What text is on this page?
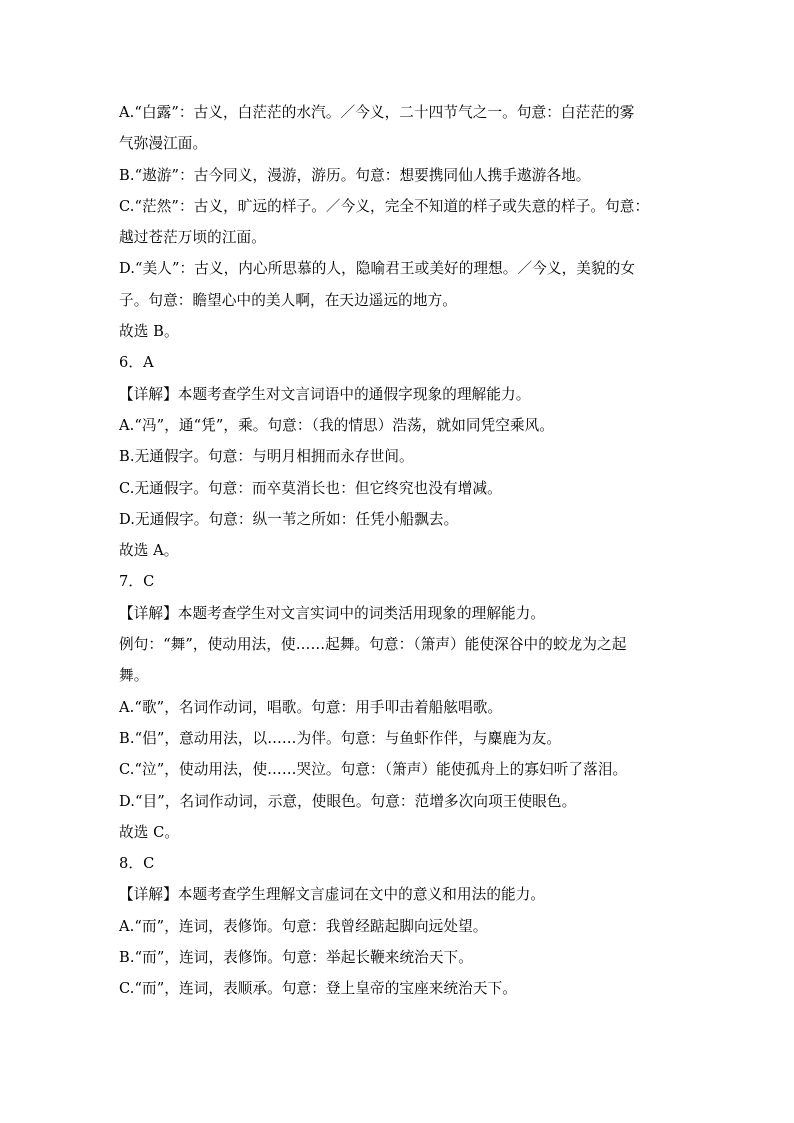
A.“白露”：古义，白茫茫的水汽。／今义，二十四节气之一。句意：白茫茫的雾
气弥漫江面。
B.“遨游”：古今同义，漫游，游历。句意：想要携同仙人携手遨游各地。
C.“茫然”：古义，旷远的样子。／今义，完全不知道的样子或失意的样子。句意：
越过苍茫万顷的江面。
D.“美人”：古义，内心所思慕的人，隐喻君王或美好的理想。／今义，美貌的女
子。句意：瞻望心中的美人啊，在天边遥远的地方。
故选 B。
6．A
【详解】本题考查学生对文言词语中的通假字现象的理解能力。
A.“冯”，通“凭”，乘。句意：（我的情思）浩荡，就如同凭空乘风。
B.无通假字。句意：与明月相拥而永存世间。
C.无通假字。句意：而卒莫消长也：但它终究也没有增减。
D.无通假字。句意：纵一苇之所如：任凭小船飘去。
故选 A。
7．C
【详解】本题考查学生对文言实词中的词类活用现象的理解能力。
例句：“舞”，使动用法，使……起舞。句意：（箫声）能使深谷中的蛟龙为之起
舞。
A.“歌”，名词作动词，唱歌。句意：用手叩击着船舷唱歌。
B.“侣”，意动用法，以……为伴。句意：与鱼虾作伴，与麋鹿为友。
C.“泣”，使动用法，使……哭泣。句意：（箫声）能使孤舟上的寡妇听了落泪。
D.“目”，名词作动词，示意，使眼色。句意：范增多次向项王使眼色。
故选 C。
8．C
【详解】本题考查学生理解文言虚词在文中的意义和用法的能力。
A.“而”，连词，表修饰。句意：我曾经踮起脚向远处望。
B.“而”，连词，表修饰。句意：举起长鞭来统治天下。
C.“而”，连词，表顺承。句意：登上皇帝的宝座来统治天下。
